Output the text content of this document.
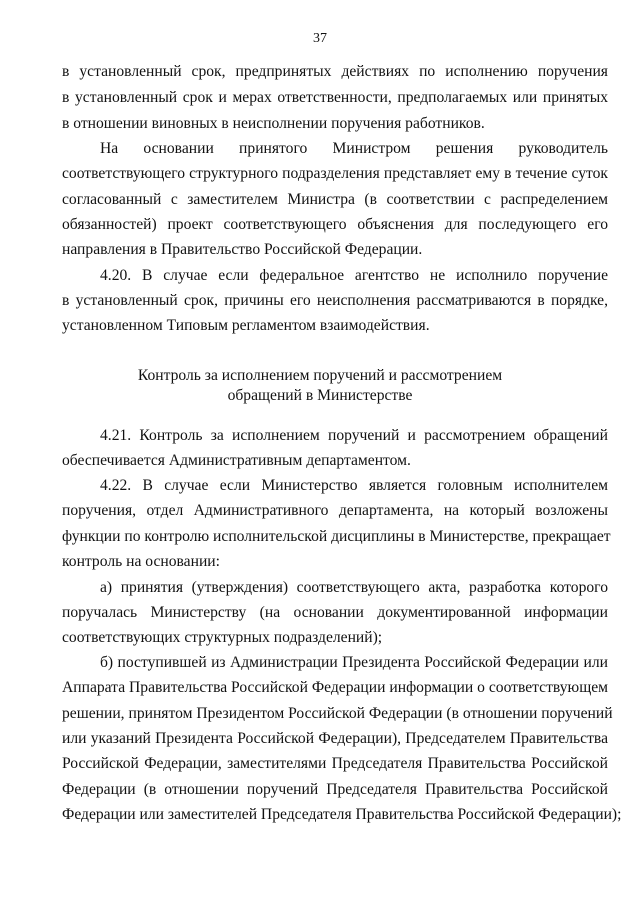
37
в установленный срок, предпринятых действиях по исполнению поручения
в установленный срок и мерах ответственности, предполагаемых или принятых
в отношении виновных в неисполнении поручения работников.
На основании принятого Министром решения руководитель
соответствующего структурного подразделения представляет ему в течение суток
согласованный с заместителем Министра (в соответствии с распределением
обязанностей) проект соответствующего объяснения для последующего его
направления в Правительство Российской Федерации.
4.20. В случае если федеральное агентство не исполнило поручение
в установленный срок, причины его неисполнения рассматриваются в порядке,
установленном Типовым регламентом взаимодействия.
Контроль за исполнением поручений и рассмотрением
обращений в Министерстве
4.21. Контроль за исполнением поручений и рассмотрением обращений
обеспечивается Административным департаментом.
4.22. В случае если Министерство является головным исполнителем
поручения, отдел Административного департамента, на который возложены
функции по контролю исполнительской дисциплины в Министерстве, прекращает
контроль на основании:
а) принятия (утверждения) соответствующего акта, разработка которого
поручалась Министерству (на основании документированной информации
соответствующих структурных подразделений);
б) поступившей из Администрации Президента Российской Федерации или
Аппарата Правительства Российской Федерации информации о соответствующем
решении, принятом Президентом Российской Федерации (в отношении поручений
или указаний Президента Российской Федерации), Председателем Правительства
Российской Федерации, заместителями Председателя Правительства Российской
Федерации (в отношении поручений Председателя Правительства Российской
Федерации или заместителей Председателя Правительства Российской Федерации);
